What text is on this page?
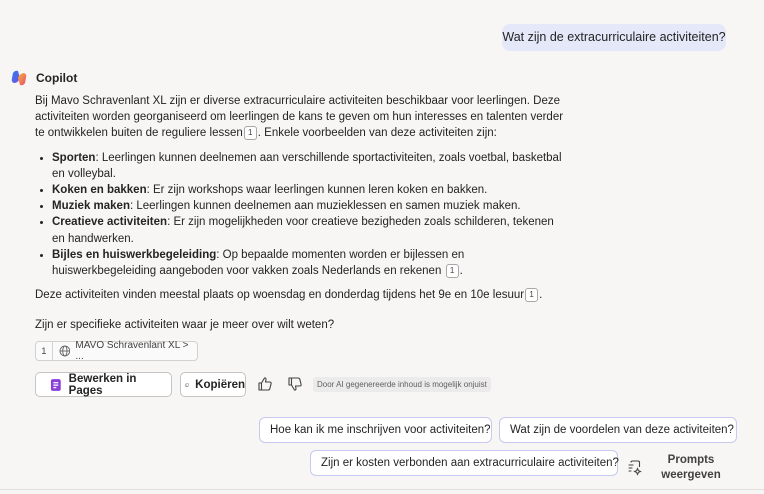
Wat zijn de extracurriculaire activiteiten?
Copilot

Bij Mavo Schravenlant XL zijn er diverse extracurriculaire activiteiten beschikbaar voor leerlingen. Deze activiteiten worden georganiseerd om leerlingen de kans te geven om hun interesses en talenten verder te ontwikkelen buiten de reguliere lessen 1 . Enkele voorbeelden van deze activiteiten zijn:

• Sporten: Leerlingen kunnen deelnemen aan verschillende sportactiviteiten, zoals voetbal, basketbal en volleybal.
• Koken en bakken: Er zijn workshops waar leerlingen kunnen leren koken en bakken.
• Muziek maken: Leerlingen kunnen deelnemen aan muzieklessen en samen muziek maken.
• Creatieve activiteiten: Er zijn mogelijkheden voor creatieve bezigheden zoals schilderen, tekenen en handwerken.
• Bijles en huiswerkbegeleiding: Op bepaalde momenten worden er bijlessen en huiswerkbegeleiding aangeboden voor vakken zoals Nederlands en rekenen 1 .

Deze activiteiten vinden meestal plaats op woensdag en donderdag tijdens het 9e en 10e lesuur 1 .

Zijn er specifieke activiteiten waar je meer over wilt weten?

1	MAVO Schravenlant XL > ...
Bewerken in Pages	Kopiëren	Door AI gegenereerde inhoud is mogelijk onjuist
Hoe kan ik me inschrijven voor activiteiten?	Wat zijn de voordelen van deze activiteiten?
Zijn er kosten verbonden aan extracurriculaire activiteiten?	Prompts
weergeven
